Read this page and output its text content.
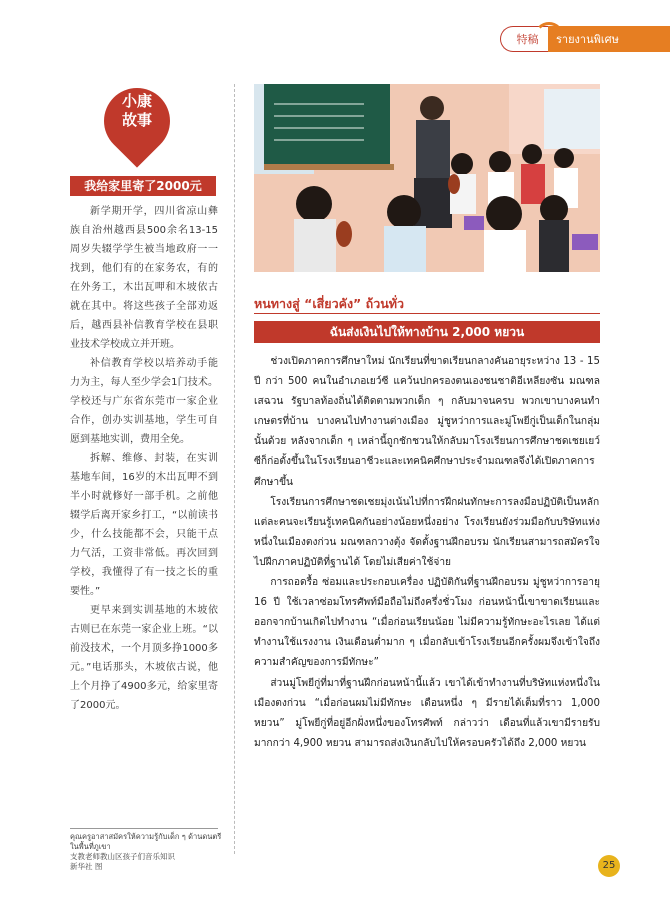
特稿	รายงานพิเศษ
小康
故事
我给家里寄了2000元

新学期开学，四川省凉山彝族自治州越西县500余名13-15周岁失辍学学生被当地政府一一找到，他们有的在家务农，有的在外务工，木岀瓦呷和木坡依古就在其中。将这些孩子全部劝返后，越西县补信教育学校在县职业技术学校成立并开班。

补信教育学校以培养动手能力为主，每人至少学会1门技术。学校还与广东省东莞市一家企业合作，创办实训基地，学生可自愿到基地实训，费用全免。

拆解、维修、封装，在实训基地车间，16岁的木岀瓦呷不到半小时就修好一部手机。之前他辍学后离开家乡打工，“以前读书少，什么技能都不会，只能干点力气活，工资非常低。再次回到学校，我懂得了有一技之长的重要性。”

更早来到实训基地的木坡依古则已在东莞一家企业上班。“以前没技术，一个月顶多挣1000多元。”电话那头，木坡依古说，他上个月挣了4900多元，给家里寄了2000元。

คุณครูอาสาสมัครให้ความรู้กับเด็ก ๆ ด้านดนตรีในพื้นที่ภูเขา
支教老师教山区孩子们音乐知识
新华社 图
หนทางสู่ “เสี่ยวคัง” ถ้วนทั่ว
ฉันส่งเงินไปให้ทางบ้าน 2,000 หยวน

ช่วงเปิดภาคการศึกษาใหม่ นักเรียนที่ขาดเรียนกลางคันอายุระหว่าง 13 - 15 ปี กว่า 500 คนในอำเภอเยว์ซี แคว้นปกครองตนเองชนชาติอีเหลียงซัน มณฑลเสฉวน รัฐบาลท้องถิ่นได้ติดตามพวกเด็ก ๆ กลับมาจนครบ พวกเขาบางคนทำเกษตรที่บ้าน บางคนไปทำงานต่างเมือง มู่ชูหว่าการและมู่โพยีกู่เป็นเด็กในกลุ่มนั้นด้วย หลังจากเด็ก ๆ เหล่านี้ถูกชักชวนให้กลับมาโรงเรียนการศึกษาชดเชยเยว์ซีก็ก่อตั้งขึ้นในโรงเรียนอาชีวะและเทคนิคศึกษาประจำมณฑลจึงได้เปิดภาคการศึกษาขึ้น

โรงเรียนการศึกษาชดเชยมุ่งเน้นไปที่การฝึกฝนทักษะการลงมือปฏิบัติเป็นหลัก แต่ละคนจะเรียนรู้เทคนิคกันอย่างน้อยหนึ่งอย่าง โรงเรียนยังร่วมมือกับบริษัทแห่งหนึ่งในเมืองตงก่วน มณฑลกวางตุ้ง จัดตั้งฐานฝึกอบรม นักเรียนสามารถสมัครใจไปฝึกภาคปฏิบัติที่ฐานได้ โดยไม่เสียค่าใช้จ่าย

การถอดรื้อ ซ่อมและประกอบเครื่อง ปฏิบัติกันที่ฐานฝึกอบรม มู่ชูหว่าการอายุ 16 ปี ใช้เวลาซ่อมโทรศัพท์มือถือไม่ถึงครึ่งชั่วโมง ก่อนหน้านี้เขาขาดเรียนและออกจากบ้านเกิดไปทำงาน “เมื่อก่อนเรียนน้อย ไม่มีความรู้ทักษะอะไรเลย ได้แต่ทำงานใช้แรงงาน เงินเดือนต่ำมาก ๆ เมื่อกลับเข้าโรงเรียนอีกครั้งผมจึงเข้าใจถึงความสำคัญของการมีทักษะ”

ส่วนมู่โพยีกู่ที่มาที่ฐานฝึกก่อนหน้านี้แล้ว เขาได้เข้าทำงานที่บริษัทแห่งหนึ่งในเมืองตงก่วน “เมื่อก่อนผมไม่มีทักษะ เดือนหนึ่ง ๆ มีรายได้เต็มที่ราว 1,000 หยวน” มู่โพยีกู่ที่อยู่อีกฝั่งหนึ่งของโทรศัพท์ กล่าวว่า เดือนที่แล้วเขามีรายรับมากกว่า 4,900 หยวน สามารถส่งเงินกลับไปให้ครอบครัวได้ถึง 2,000 หยวน

25
